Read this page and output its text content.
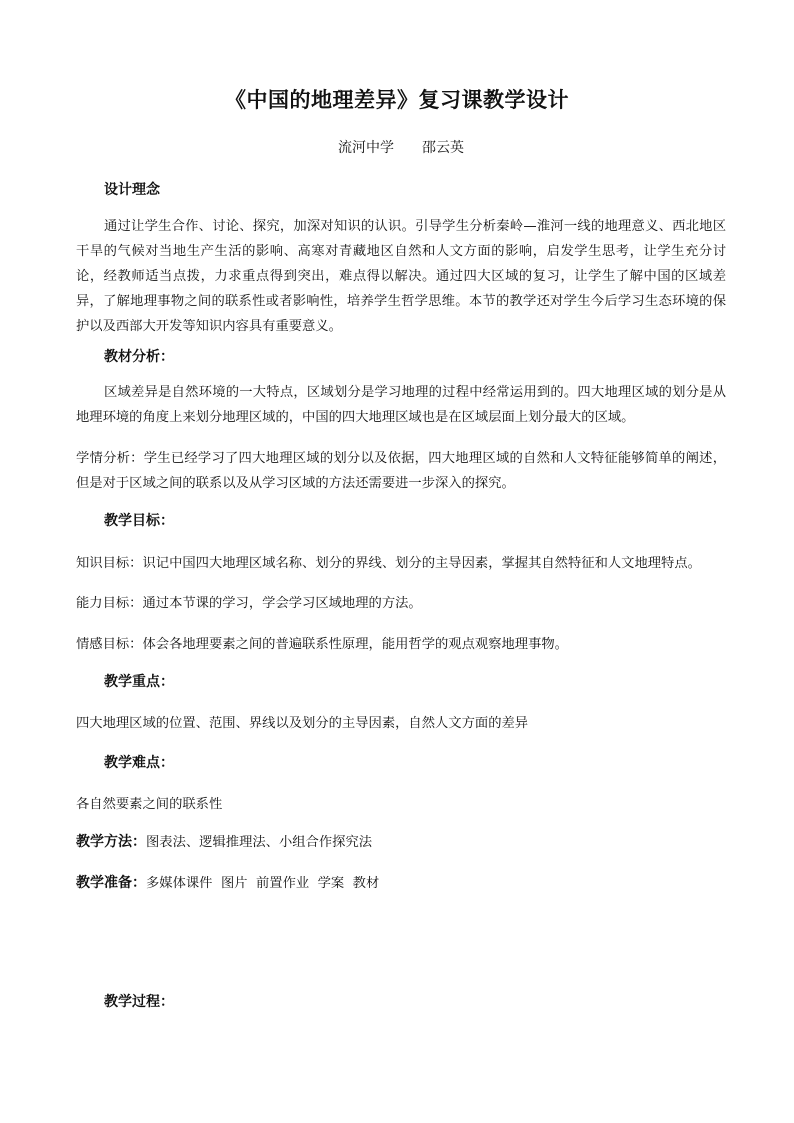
《中国的地理差异》复习课教学设计
流河中学　　邵云英
设计理念
通过让学生合作、讨论、探究，加深对知识的认识。引导学生分析秦岭—淮河一线的地理意义、西北地区干旱的气候对当地生产生活的影响、高寒对青藏地区自然和人文方面的影响，启发学生思考，让学生充分讨论，经教师适当点拨，力求重点得到突出，难点得以解决。通过四大区域的复习，让学生了解中国的区域差异，了解地理事物之间的联系性或者影响性，培养学生哲学思维。本节的教学还对学生今后学习生态环境的保护以及西部大开发等知识内容具有重要意义。
教材分析：
区域差异是自然环境的一大特点，区域划分是学习地理的过程中经常运用到的。四大地理区域的划分是从地理环境的角度上来划分地理区域的，中国的四大地理区域也是在区域层面上划分最大的区域。
学情分析：学生已经学习了四大地理区域的划分以及依据，四大地理区域的自然和人文特征能够简单的阐述，但是对于区域之间的联系以及从学习区域的方法还需要进一步深入的探究。
教学目标：
知识目标：识记中国四大地理区域名称、划分的界线、划分的主导因素，掌握其自然特征和人文地理特点。
能力目标：通过本节课的学习，学会学习区域地理的方法。
情感目标：体会各地理要素之间的普遍联系性原理，能用哲学的观点观察地理事物。
教学重点：
四大地理区域的位置、范围、界线以及划分的主导因素，自然人文方面的差异
教学难点：
各自然要素之间的联系性
教学方法：图表法、逻辑推理法、小组合作探究法
教学准备：多媒体课件  图片  前置作业  学案  教材
教学过程：
